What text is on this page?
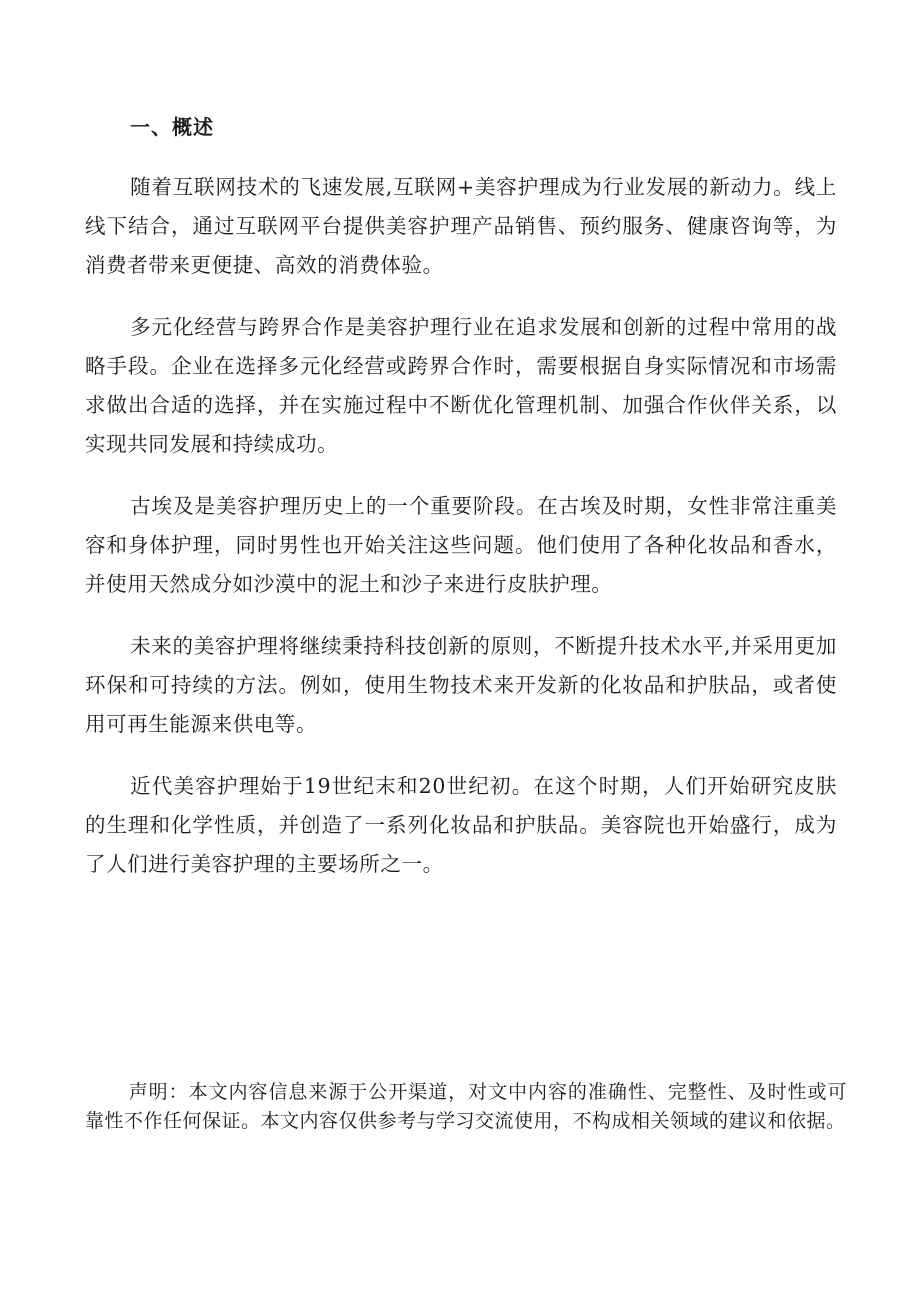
一、概述

随着互联网技术的飞速发展,互联网+美容护理成为行业发展的新动力。线上线下结合，通过互联网平台提供美容护理产品销售、预约服务、健康咨询等，为消费者带来更便捷、高效的消费体验。

多元化经营与跨界合作是美容护理行业在追求发展和创新的过程中常用的战略手段。企业在选择多元化经营或跨界合作时，需要根据自身实际情况和市场需求做出合适的选择，并在实施过程中不断优化管理机制、加强合作伙伴关系，以实现共同发展和持续成功。

古埃及是美容护理历史上的一个重要阶段。在古埃及时期，女性非常注重美容和身体护理，同时男性也开始关注这些问题。他们使用了各种化妆品和香水，并使用天然成分如沙漠中的泥土和沙子来进行皮肤护理。

未来的美容护理将继续秉持科技创新的原则，不断提升技术水平,并采用更加环保和可持续的方法。例如，使用生物技术来开发新的化妆品和护肤品，或者使用可再生能源来供电等。

近代美容护理始于19世纪末和20世纪初。在这个时期，人们开始研究皮肤的生理和化学性质，并创造了一系列化妆品和护肤品。美容院也开始盛行，成为了人们进行美容护理的主要场所之一。

声明：本文内容信息来源于公开渠道，对文中内容的准确性、完整性、及时性或可靠性不作任何保证。本文内容仅供参考与学习交流使用，不构成相关领域的建议和依据。
